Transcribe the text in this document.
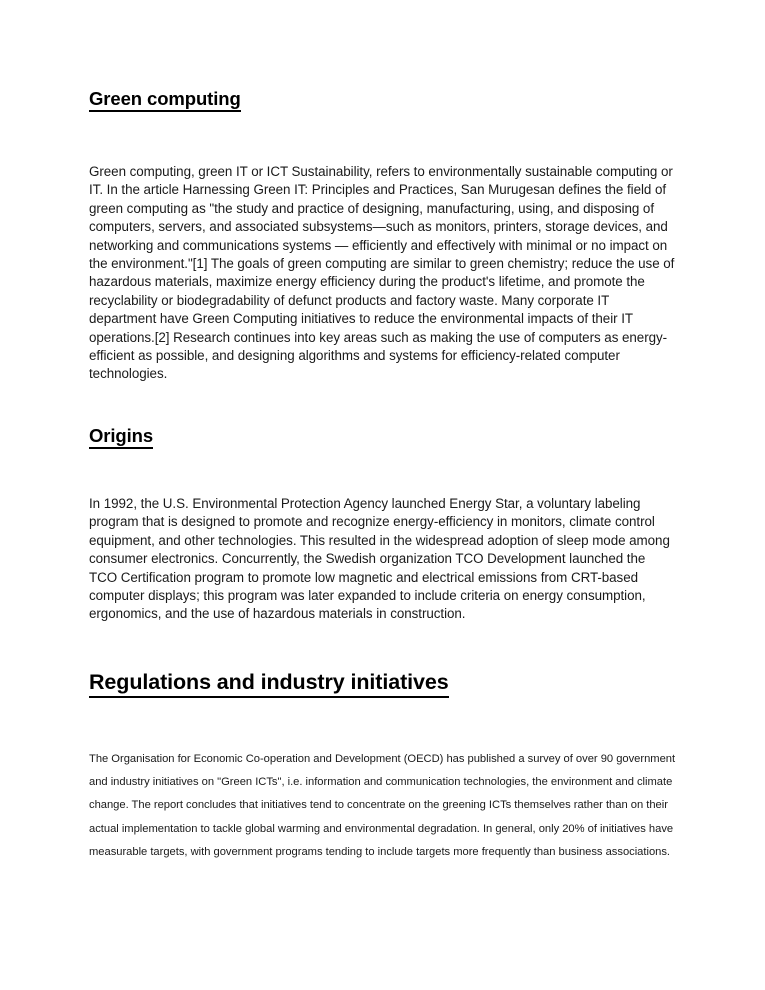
Green computing

Green computing, green IT or ICT Sustainability, refers to environmentally sustainable computing or IT. In the article Harnessing Green IT: Principles and Practices, San Murugesan defines the field of green computing as "the study and practice of designing, manufacturing, using, and disposing of computers, servers, and associated subsystems—such as monitors, printers, storage devices, and networking and communications systems — efficiently and effectively with minimal or no impact on the environment."[1] The goals of green computing are similar to green chemistry; reduce the use of hazardous materials, maximize energy efficiency during the product's lifetime, and promote the recyclability or biodegradability of defunct products and factory waste. Many corporate IT department have Green Computing initiatives to reduce the environmental impacts of their IT operations.[2] Research continues into key areas such as making the use of computers as energy-efficient as possible, and designing algorithms and systems for efficiency-related computer technologies.

Origins

In 1992, the U.S. Environmental Protection Agency launched Energy Star, a voluntary labeling program that is designed to promote and recognize energy-efficiency in monitors, climate control equipment, and other technologies. This resulted in the widespread adoption of sleep mode among consumer electronics. Concurrently, the Swedish organization TCO Development launched the TCO Certification program to promote low magnetic and electrical emissions from CRT-based computer displays; this program was later expanded to include criteria on energy consumption, ergonomics, and the use of hazardous materials in construction.

Regulations and industry initiatives

The Organisation for Economic Co-operation and Development (OECD) has published a survey of over 90 government and industry initiatives on "Green ICTs", i.e. information and communication technologies, the environment and climate change. The report concludes that initiatives tend to concentrate on the greening ICTs themselves rather than on their actual implementation to tackle global warming and environmental degradation. In general, only 20% of initiatives have measurable targets, with government programs tending to include targets more frequently than business associations.
